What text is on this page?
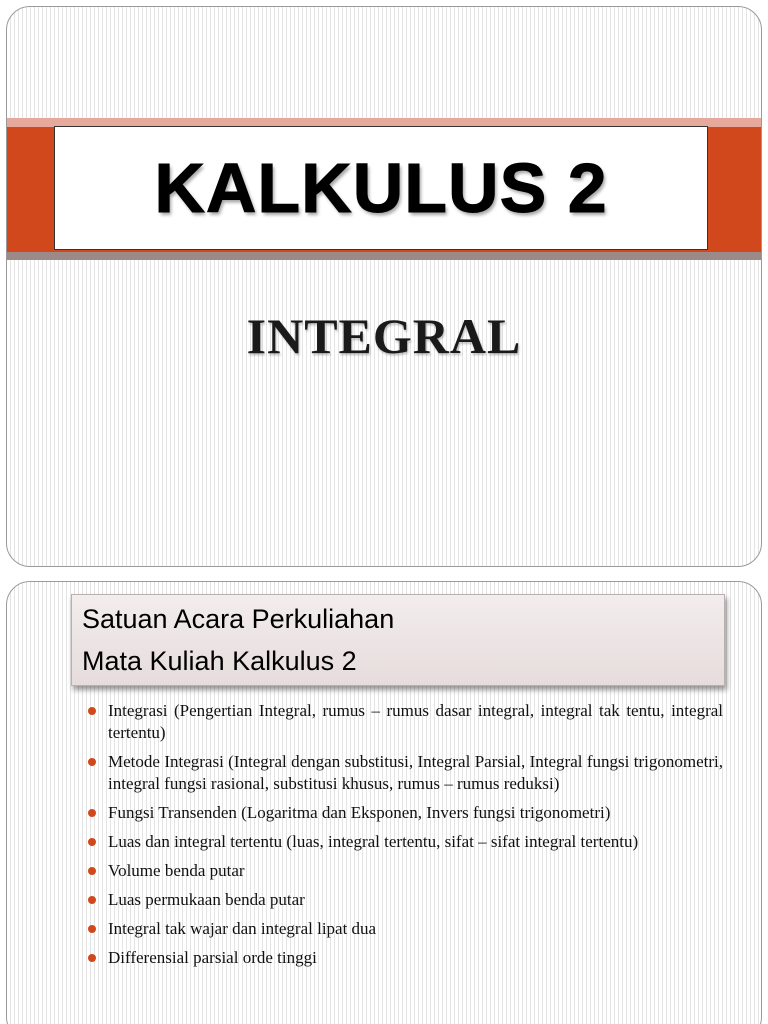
KALKULUS 2
INTEGRAL
Satuan Acara Perkuliahan
Mata Kuliah Kalkulus 2
Integrasi (Pengertian Integral, rumus – rumus dasar integral, integral tak tentu, integral tertentu)
Metode Integrasi (Integral dengan substitusi, Integral Parsial, Integral fungsi trigonometri, integral fungsi rasional, substitusi khusus, rumus – rumus reduksi)
Fungsi Transenden (Logaritma dan Eksponen, Invers fungsi trigonometri)
Luas dan integral tertentu (luas, integral tertentu, sifat – sifat integral tertentu)
Volume benda putar
Luas permukaan benda putar
Integral tak wajar dan integral lipat dua
Differensial parsial orde tinggi
